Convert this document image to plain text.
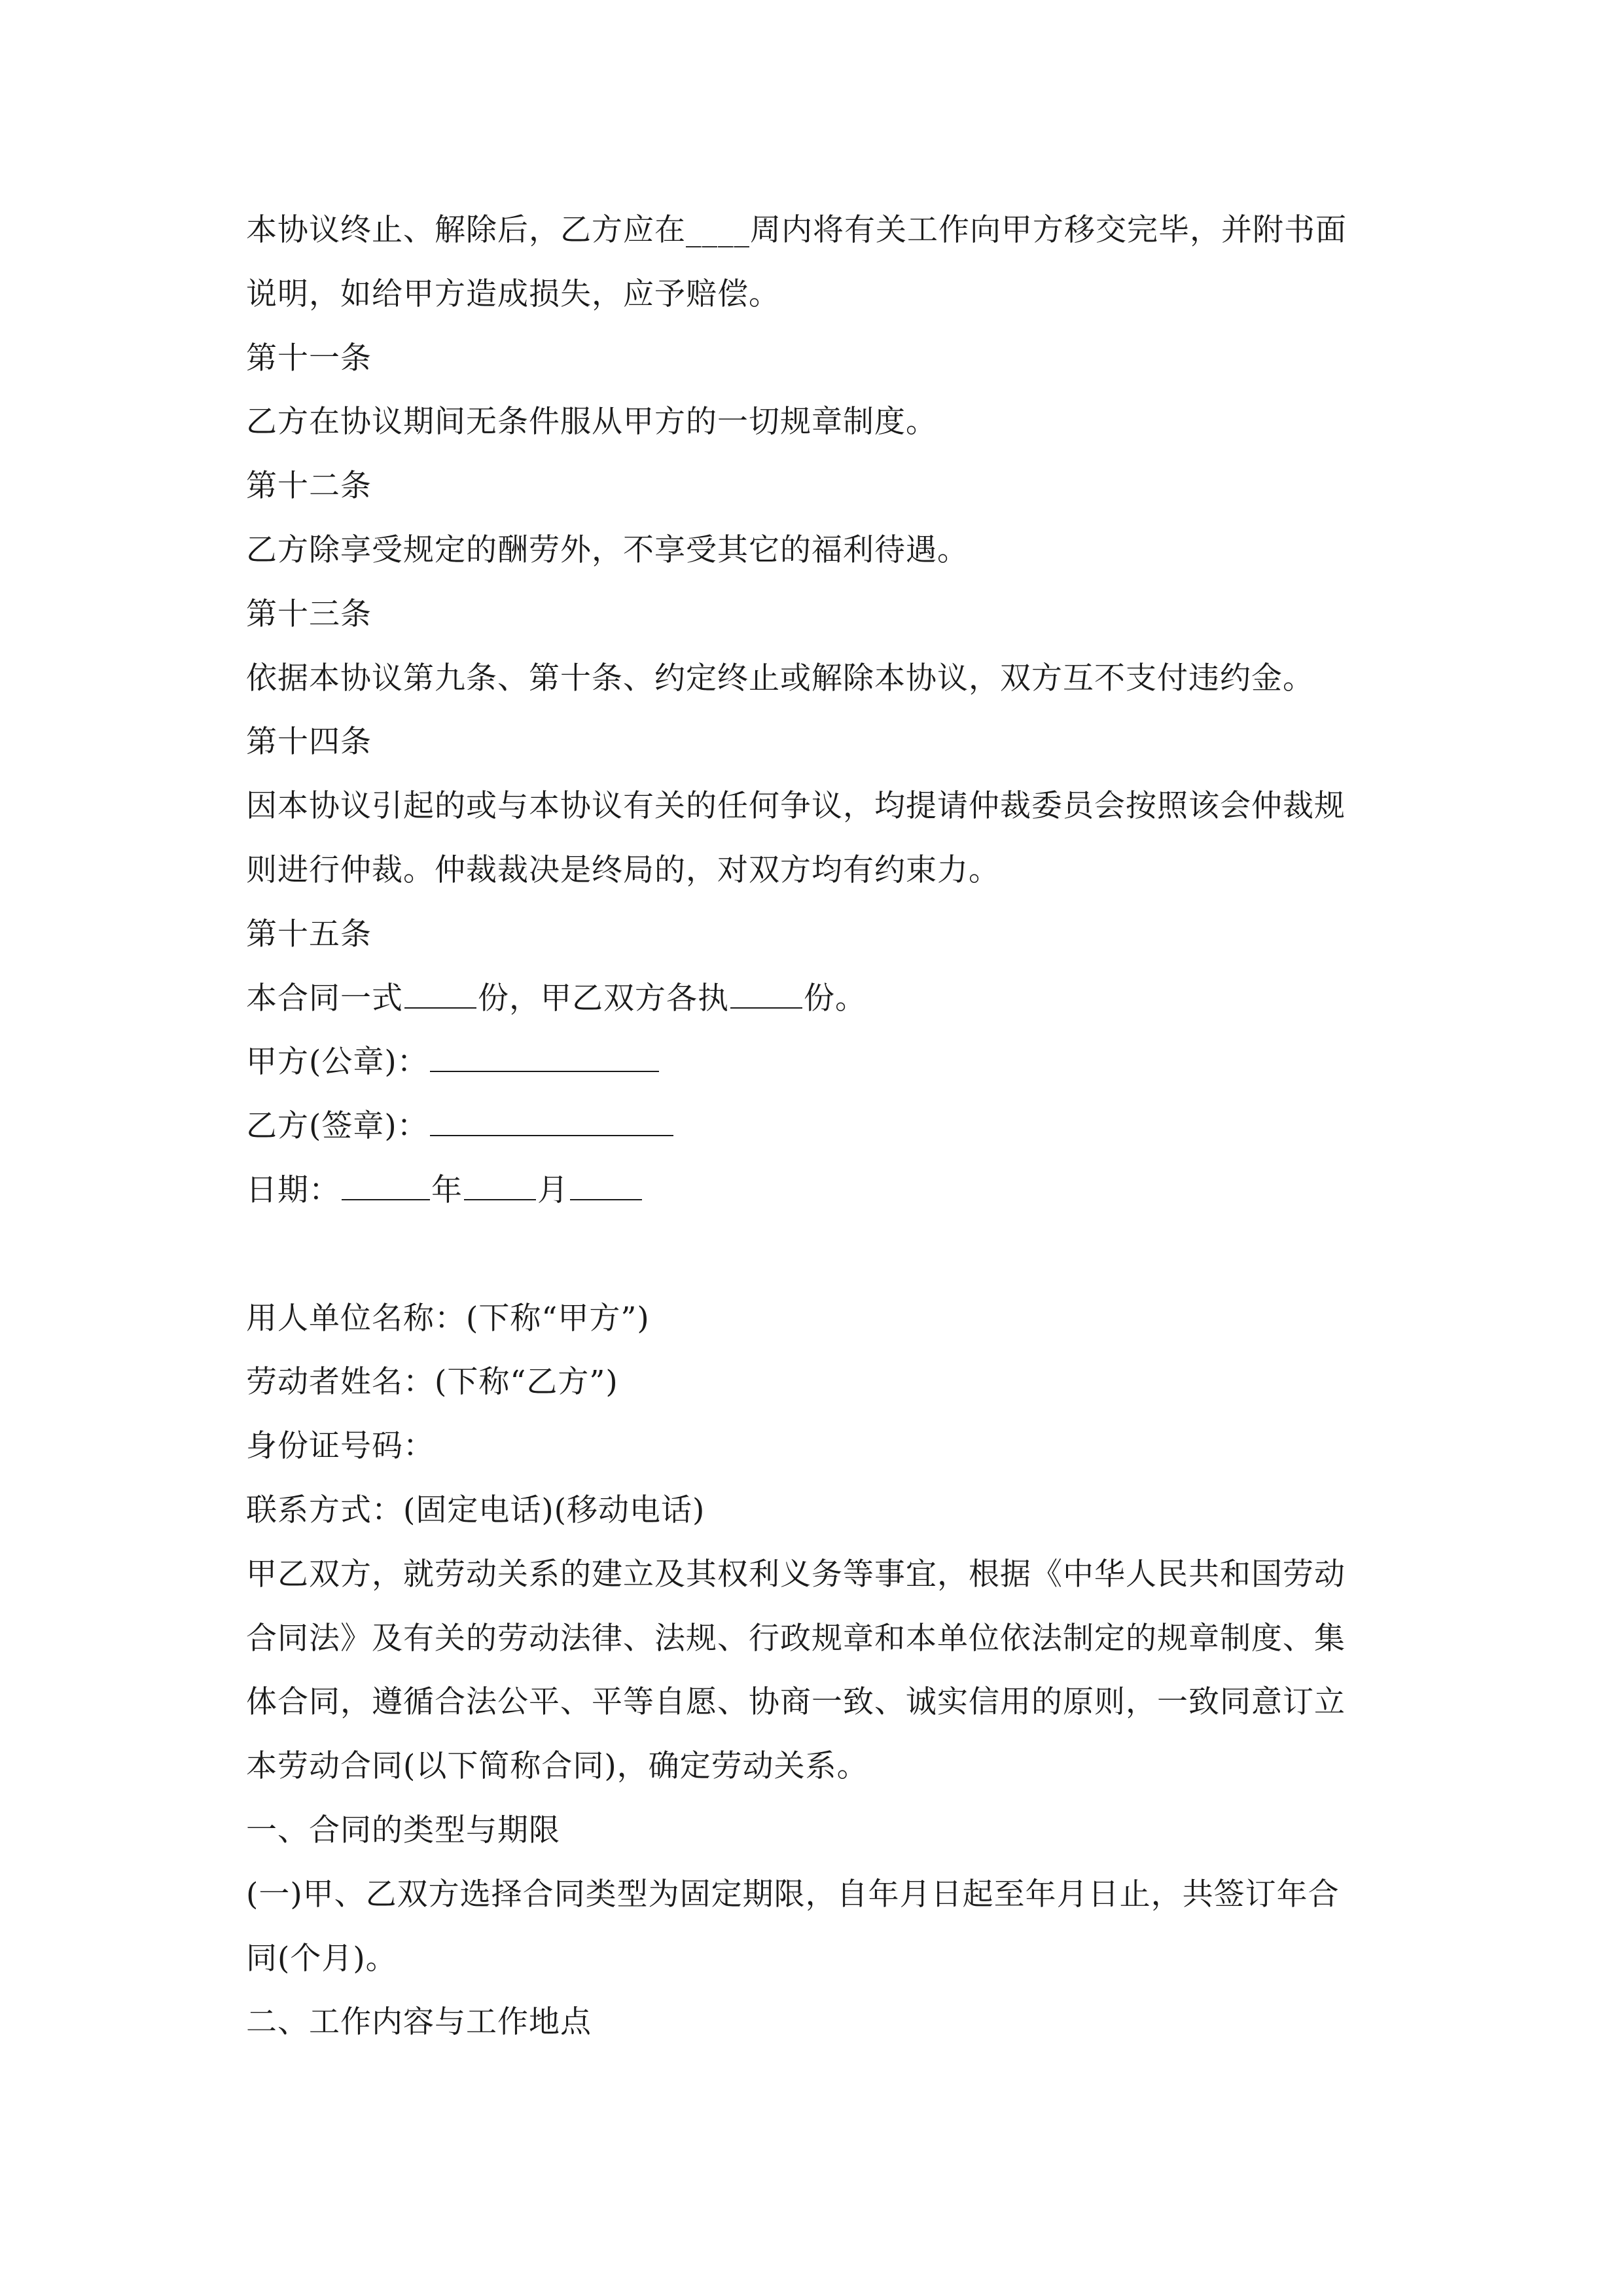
本协议终止、解除后，乙方应在____周内将有关工作向甲方移交完毕，并附书面
说明，如给甲方造成损失，应予赔偿。
第十一条
乙方在协议期间无条件服从甲方的一切规章制度。
第十二条
乙方除享受规定的酬劳外，不享受其它的福利待遇。
第十三条
依据本协议第九条、第十条、约定终止或解除本协议，双方互不支付违约金。
第十四条
因本协议引起的或与本协议有关的任何争议，均提请仲裁委员会按照该会仲裁规
则进行仲裁。仲裁裁决是终局的，对双方均有约束力。
第十五条
本合同一式 份，甲乙双方各执 份。
甲方(公章)：
乙方(签章)：
日期：	年 月
用人单位名称：(下称“甲方”)
劳动者姓名：(下称“乙方”)
身份证号码：
联系方式：(固定电话)(移动电话)
甲乙双方，就劳动关系的建立及其权利义务等事宜，根据《中华人民共和国劳动
合同法》及有关的劳动法律、法规、行政规章和本单位依法制定的规章制度、集
体合同，遵循合法公平、平等自愿、协商一致、诚实信用的原则，一致同意订立
本劳动合同(以下简称合同)，确定劳动关系。
一、合同的类型与期限
(一)甲、乙双方选择合同类型为固定期限，自年月日起至年月日止，共签订年合
同(个月)。
二、工作内容与工作地点
